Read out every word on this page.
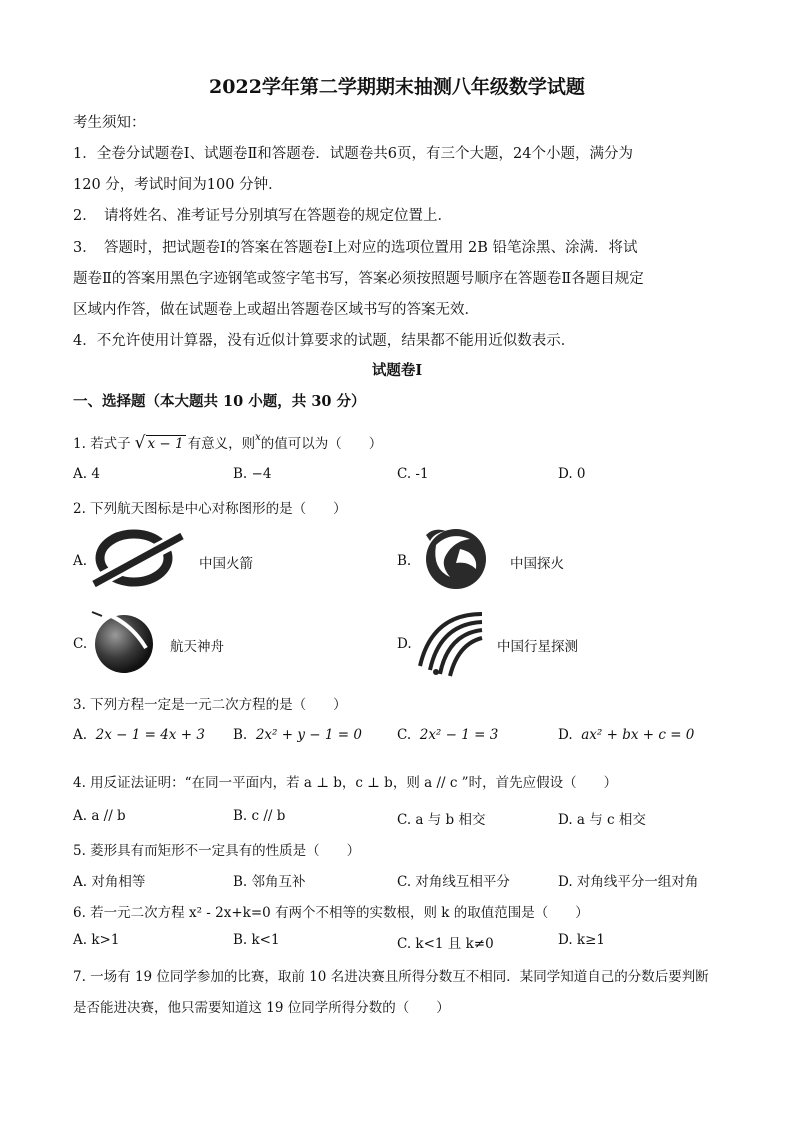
2022学年第二学期期末抽测八年级数学试题
考生须知：
1．全卷分试题卷Ⅰ、试题卷Ⅱ和答题卷．试题卷共6页，有三个大题，24个小题，满分为
120 分，考试时间为100 分钟．
2．　请将姓名、准考证号分别填写在答题卷的规定位置上．
3．　答题时，把试题卷Ⅰ的答案在答题卷Ⅰ上对应的选项位置用 2B 铅笔涂黑、涂满．将试
题卷Ⅱ的答案用黑色字迹钢笔或签字笔书写，答案必须按照题号顺序在答题卷Ⅱ各题目规定
区域内作答，做在试题卷上或超出答题卷区域书写的答案无效．
4．不允许使用计算器，没有近似计算要求的试题，结果都不能用近似数表示．
试题卷Ⅰ
一、选择题（本大题共 10 小题，共 30 分）
1. 若式子 √ x − 1 有意义，则$^x$的值可以为（　　）
A. 4	B. −4	C. -1	D. 0
2. 下列航天图标是中心对称图形的是（　　）
A.	中国火箭	B.	中国探火
C.	航天神舟	D.	中国行星探测
3. 下列方程一定是一元二次方程的是（　　）
A. 2x − 1 = 4x + 3 B. 2x² + y − 1 = 0	C. 2x² − 1 = 3	D. ax² + bx + c = 0
4. 用反证法证明：“在同一平面内，若 a ⊥ b，c ⊥ b，则 a // c ”时，首先应假设（　　）
A. a // b	B. c // b	C. a 与 b 相交	D. a 与 c 相交
5. 菱形具有而矩形不一定具有的性质是（　　）
A. 对角相等	B. 邻角互补	C. 对角线互相平分	D. 对角线平分一组对角
6. 若一元二次方程 x² - 2x+k=0 有两个不相等的实数根，则 k 的取值范围是（　　）
A. k>1	B. k<1	C. k<1 且 k≠0	D. k≥1
7. 一场有 19 位同学参加的比赛，取前 10 名进决赛且所得分数互不相同．某同学知道自己的分数后要判断
是否能进决赛，他只需要知道这 19 位同学所得分数的（　　）
